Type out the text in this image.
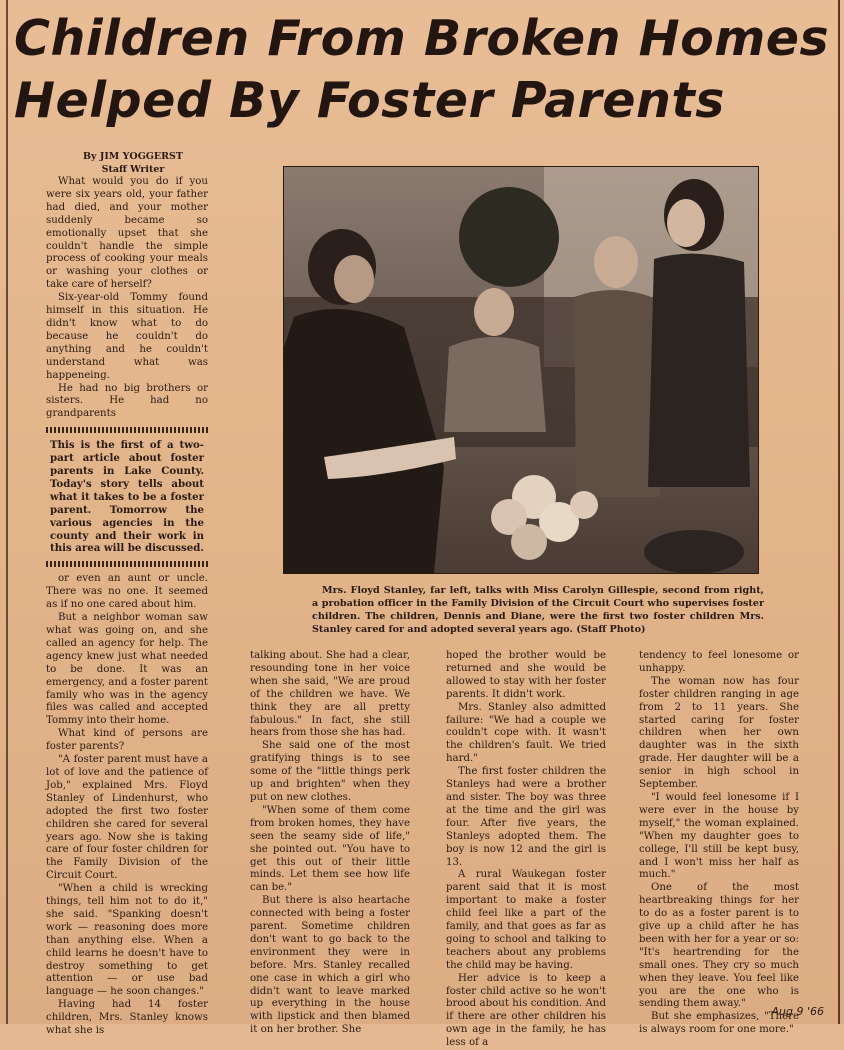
Children From Broken Homes
Helped By Foster Parents

By JIM YOGGERST

Staff Writer

What would you do if you were six years old, your father had died, and your mother suddenly became so emotionally upset that she couldn't handle the simple process of cooking your meals or washing your clothes or take care of herself?

Six-year-old Tommy found himself in this situation. He didn't know what to do because he couldn't do anything and he couldn't understand what was happeneing.

He had no big brothers or sisters. He had no grandparents

This is the first of a two-part article about foster parents in Lake County. Today's story tells about what it takes to be a foster parent. Tomorrow the various agencies in the county and their work in this area will be discussed.

or even an aunt or uncle. There was no one. It seemed as if no one cared about him.

But a neighbor woman saw what was going on, and she called an agency for help. The agency knew just what needed to be done. It was an emergency, and a foster parent family who was in the agency files was called and accepted Tommy into their home.

What kind of persons are foster parents?

"A foster parent must have a lot of love and the patience of Job," explained Mrs. Floyd Stanley of Lindenhurst, who adopted the first two foster children she cared for several years ago. Now she is taking care of four foster children for the Family Division of the Circuit Court.

"When a child is wrecking things, tell him not to do it," she said. "Spanking doesn't work — reasoning does more than anything else. When a child learns he doesn't have to destroy something to get attention — or use bad language — he soon changes."

Having had 14 foster children, Mrs. Stanley knows what she is

Mrs. Floyd Stanley, far left, talks with Miss Carolyn Gillespie, second from right, a probation officer in the Family Division of the Circuit Court who supervises foster children. The children, Dennis and Diane, were the first two foster children Mrs. Stanley cared for and adopted several years ago. (Staff Photo)

talking about. She had a clear, resounding tone in her voice when she said, "We are proud of the children we have. We think they are all pretty fabulous." In fact, she still hears from those she has had.

She said one of the most gratifying things is to see some of the "little things perk up and brighten" when they put on new clothes.

"When some of them come from broken homes, they have seen the seamy side of life," she pointed out. "You have to get this out of their little minds. Let them see how life can be."

But there is also heartache connected with being a foster parent. Sometime children don't want to go back to the environment they were in before. Mrs. Stanley recalled one case in which a girl who didn't want to leave marked up everything in the house with lipstick and then blamed it on her brother. She

hoped the brother would be returned and she would be allowed to stay with her foster parents. It didn't work.

Mrs. Stanley also admitted failure: "We had a couple we couldn't cope with. It wasn't the children's fault. We tried hard."

The first foster children the Stanleys had were a brother and sister. The boy was three at the time and the girl was four. After five years, the Stanleys adopted them. The boy is now 12 and the girl is 13.

A rural Waukegan foster parent said that it is most important to make a foster child feel like a part of the family, and that goes as far as going to school and talking to teachers about any problems the child may be having.

Her advice is to keep a foster child active so he won't brood about his condition. And if there are other children his own age in the family, he has less of a

tendency to feel lonesome or unhappy.

The woman now has four foster children ranging in age from 2 to 11 years. She started caring for foster children when her own daughter was in the sixth grade. Her daughter will be a senior in high school in September.

"I would feel lonesome if I were ever in the house by myself," the woman explained. "When my daughter goes to college, I'll still be kept busy, and I won't miss her half as much."

One of the most heartbreaking things for her to do as a foster parent is to give up a child after he has been with her for a year or so: "It's heartrending for the small ones. They cry so much when they leave. You feel like you are the one who is sending them away."

But she emphasizes, "There is always room for one more."

Aug 9 '66
